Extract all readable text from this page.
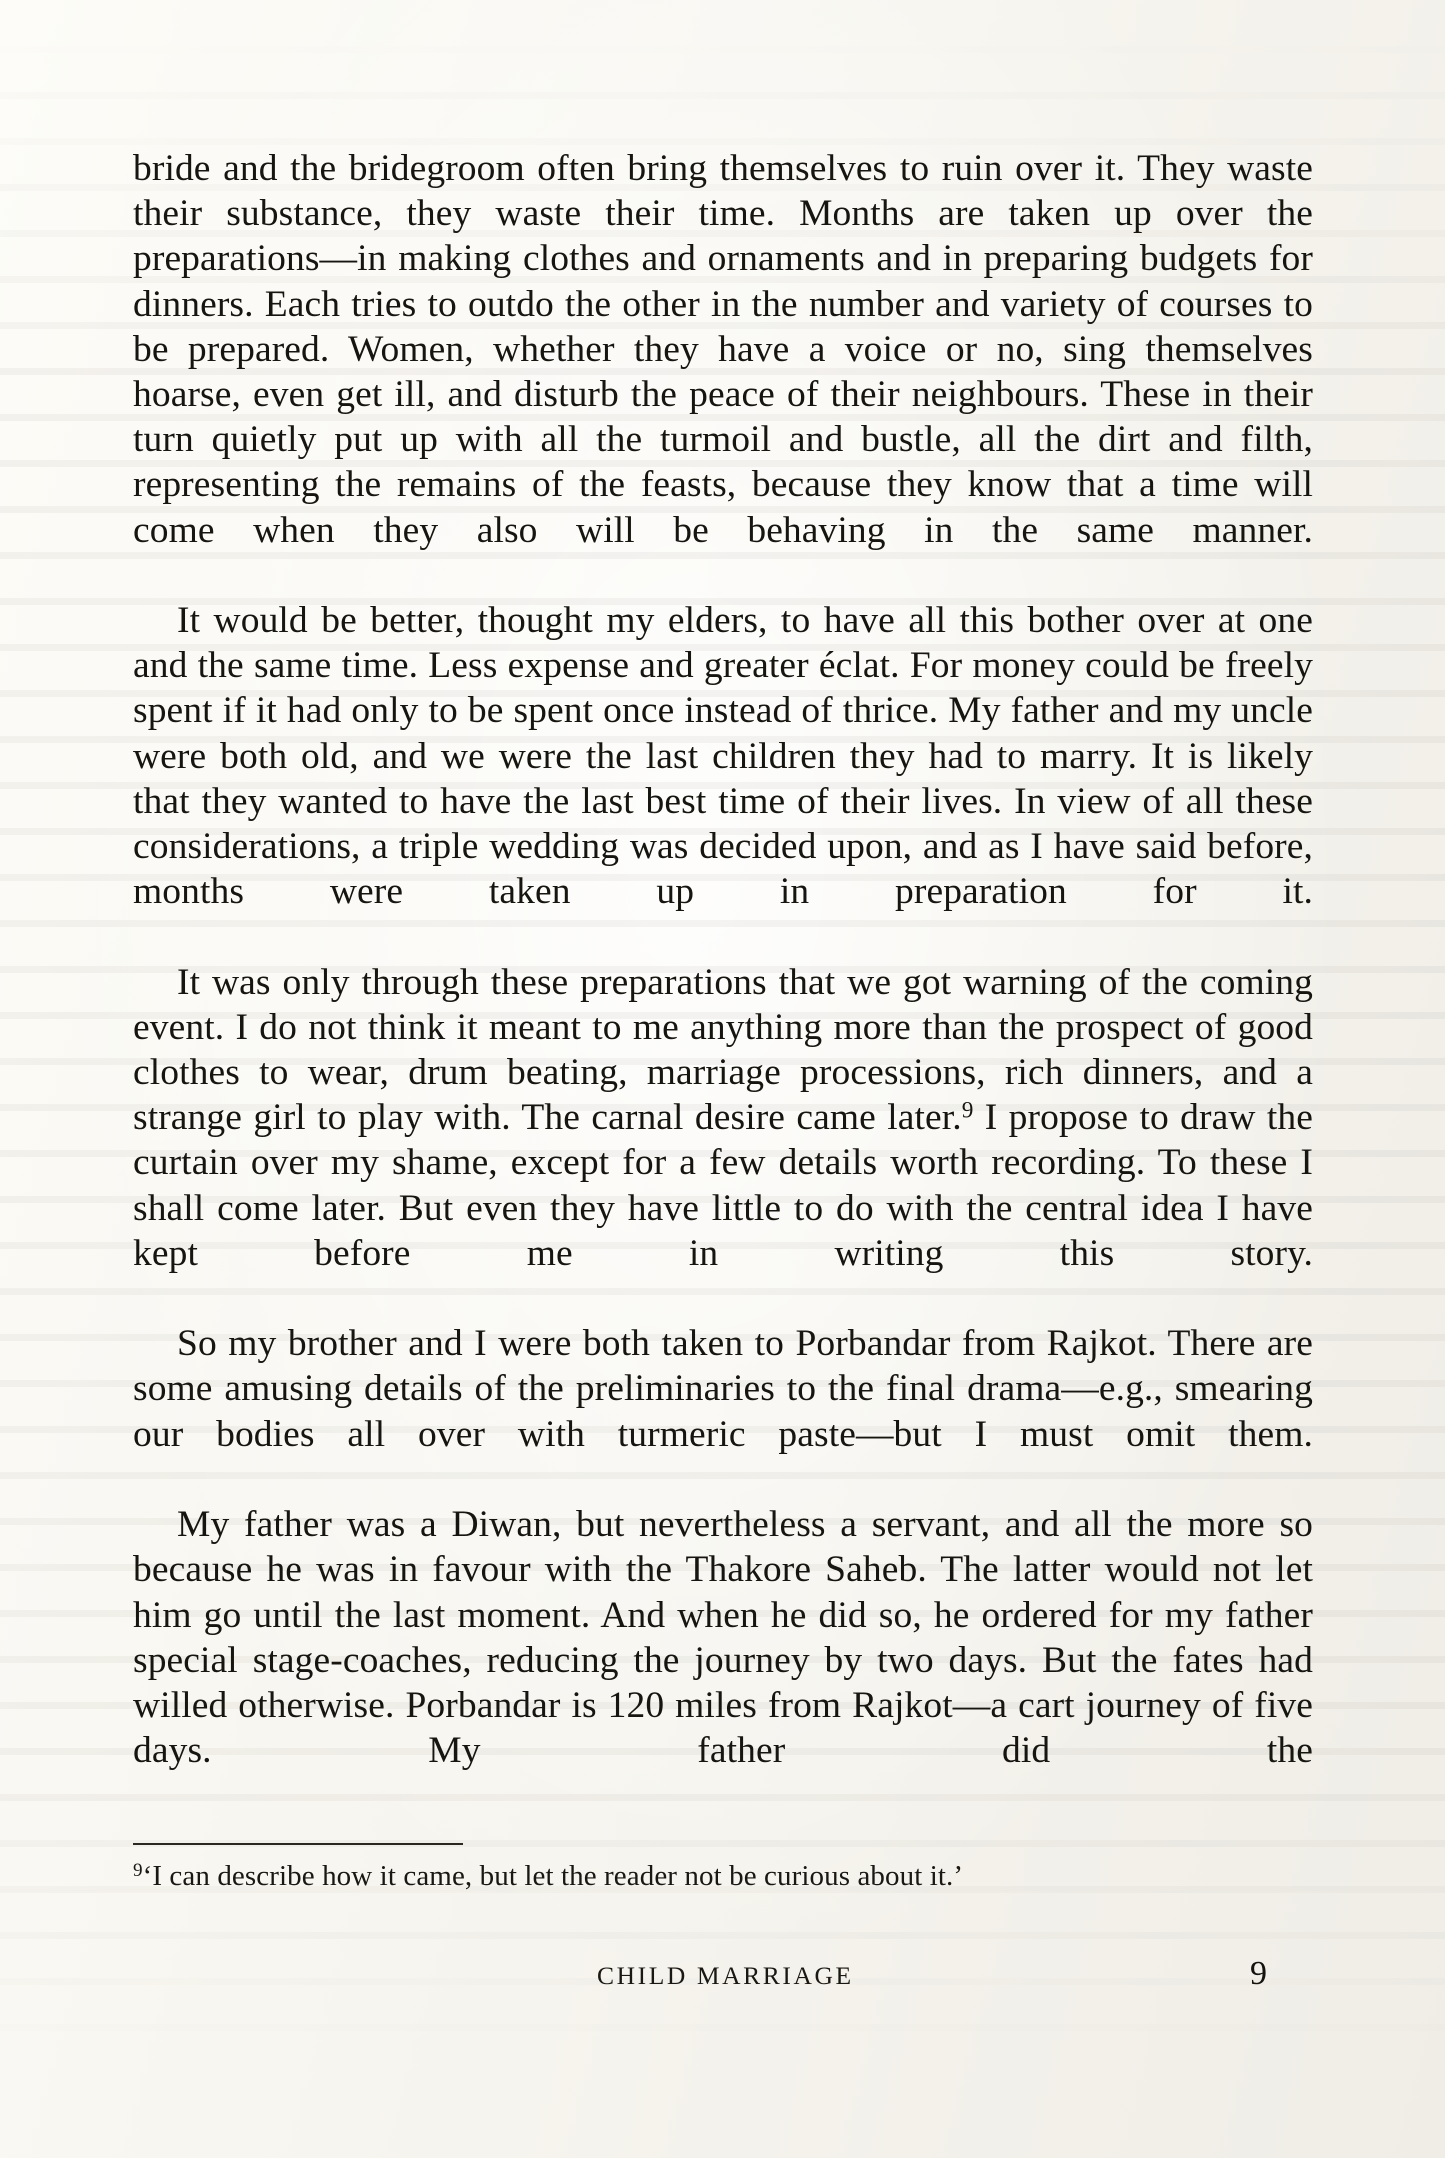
bride and the bridegroom often bring themselves to ruin over it. They waste their substance, they waste their time. Months are taken up over the preparations—in making clothes and ornaments and in preparing budgets for dinners. Each tries to outdo the other in the number and variety of courses to be prepared. Women, whether they have a voice or no, sing themselves hoarse, even get ill, and disturb the peace of their neighbours. These in their turn quietly put up with all the turmoil and bustle, all the dirt and filth, representing the remains of the feasts, because they know that a time will come when they also will be behaving in the same manner.

It would be better, thought my elders, to have all this bother over at one and the same time. Less expense and greater éclat. For money could be freely spent if it had only to be spent once instead of thrice. My father and my uncle were both old, and we were the last children they had to marry. It is likely that they wanted to have the last best time of their lives. In view of all these considerations, a triple wedding was decided upon, and as I have said before, months were taken up in preparation for it.

It was only through these preparations that we got warning of the coming event. I do not think it meant to me anything more than the prospect of good clothes to wear, drum beating, marriage processions, rich dinners, and a strange girl to play with. The carnal desire came later.$^9$ I propose to draw the curtain over my shame, except for a few details worth recording. To these I shall come later. But even they have little to do with the central idea I have kept before me in writing this story.

So my brother and I were both taken to Porbandar from Rajkot. There are some amusing details of the preliminaries to the final drama—e.g., smearing our bodies all over with turmeric paste—but I must omit them.

My father was a Diwan, but nevertheless a servant, and all the more so because he was in favour with the Thakore Saheb. The latter would not let him go until the last moment. And when he did so, he ordered for my father special stage-coaches, reducing the journey by two days. But the fates had willed otherwise. Porbandar is 120 miles from Rajkot—a cart journey of five days. My father did the

$^9$‘I can describe how it came, but let the reader not be curious about it.’

CHILD MARRIAGE	9
